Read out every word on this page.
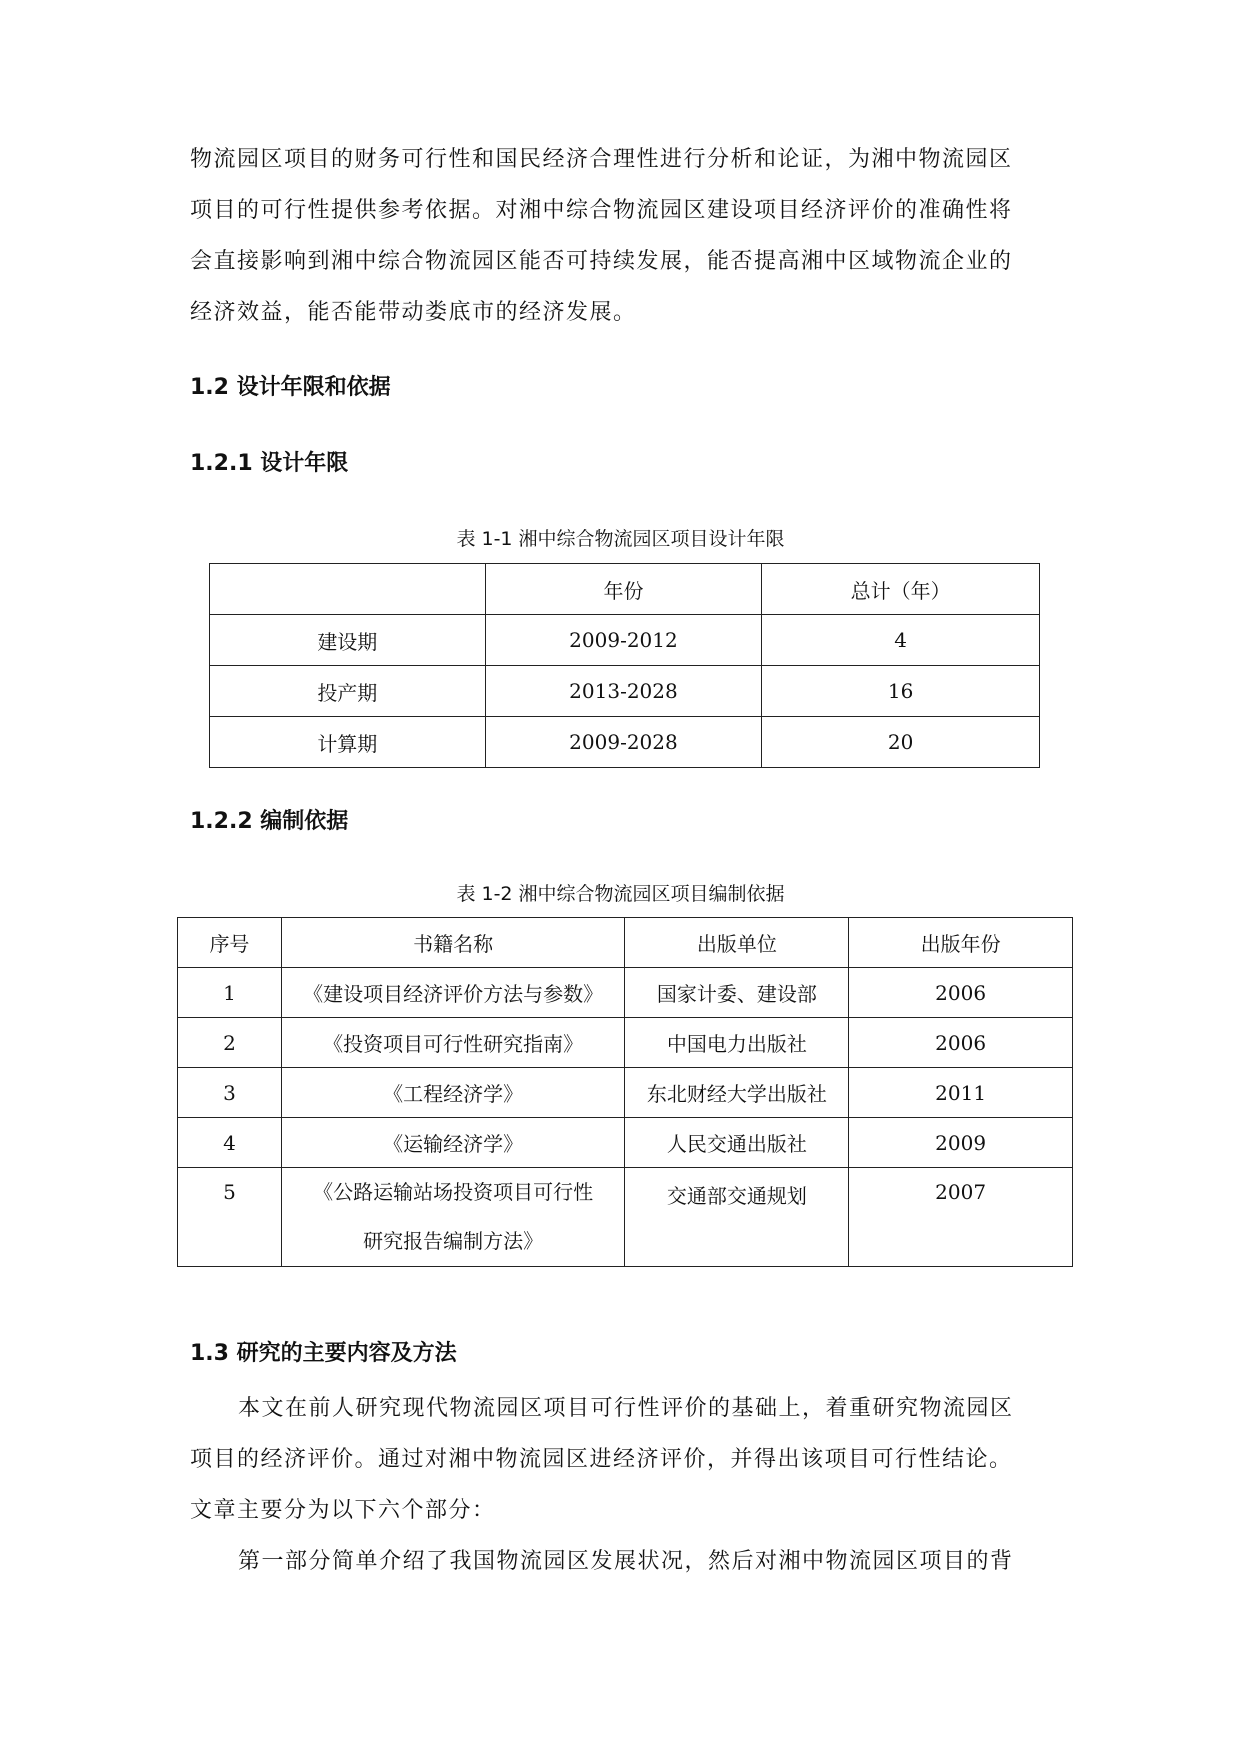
物流园区项目的财务可行性和国民经济合理性进行分析和论证，为湘中物流园区

项目的可行性提供参考依据。对湘中综合物流园区建设项目经济评价的准确性将

会直接影响到湘中综合物流园区能否可持续发展，能否提高湘中区域物流企业的

经济效益，能否能带动娄底市的经济发展。

1.2 设计年限和依据
1.2.1 设计年限
表 1-1 湘中综合物流园区项目设计年限
	年份	总计（年）
建设期	2009-2012	4
投产期	2013-2028	16
计算期	2009-2028	20
1.2.2 编制依据
表 1-2 湘中综合物流园区项目编制依据
序号	书籍名称	出版单位	出版年份
1	《建设项目经济评价方法与参数》	国家计委、建设部	2006
2	《投资项目可行性研究指南》	中国电力出版社	2006
3	《工程经济学》	东北财经大学出版社	2011
4	《运输经济学》	人民交通出版社	2009
5	《公路运输站场投资项目可行性
研究报告编制方法》	交通部交通规划	2007
1.3 研究的主要内容及方法

本文在前人研究现代物流园区项目可行性评价的基础上，着重研究物流园区

项目的经济评价。通过对湘中物流园区进经济评价，并得出该项目可行性结论。

文章主要分为以下六个部分：

第一部分简单介绍了我国物流园区发展状况，然后对湘中物流园区项目的背
